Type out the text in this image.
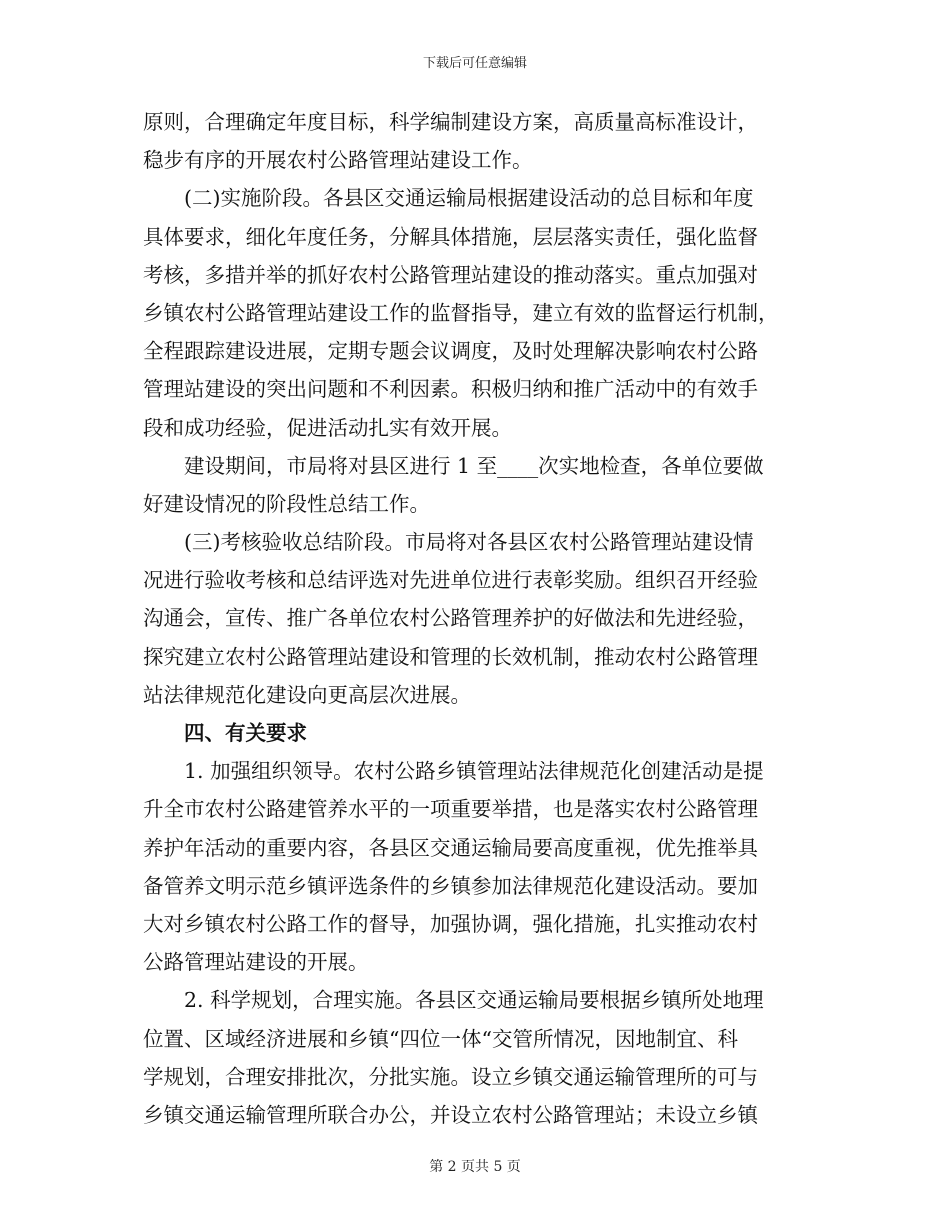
下载后可任意编辑
原则，合理确定年度目标，科学编制建设方案，高质量高标准设计，
稳步有序的开展农村公路管理站建设工作。
(二)实施阶段。各县区交通运输局根据建设活动的总目标和年度
具体要求，细化年度任务，分解具体措施，层层落实责任，强化监督
考核，多措并举的抓好农村公路管理站建设的推动落实。重点加强对
乡镇农村公路管理站建设工作的监督指导，建立有效的监督运行机制，
全程跟踪建设进展，定期专题会议调度，及时处理解决影响农村公路
管理站建设的突出问题和不利因素。积极归纳和推广活动中的有效手
段和成功经验，促进活动扎实有效开展。
建设期间，市局将对县区进行 1 至____次实地检查，各单位要做
好建设情况的阶段性总结工作。
(三)考核验收总结阶段。市局将对各县区农村公路管理站建设情
况进行验收考核和总结评选对先进单位进行表彰奖励。组织召开经验
沟通会，宣传、推广各单位农村公路管理养护的好做法和先进经验，
探究建立农村公路管理站建设和管理的长效机制，推动农村公路管理
站法律规范化建设向更高层次进展。
四、有关要求
1. 加强组织领导。农村公路乡镇管理站法律规范化创建活动是提
升全市农村公路建管养水平的一项重要举措，也是落实农村公路管理
养护年活动的重要内容，各县区交通运输局要高度重视，优先推举具
备管养文明示范乡镇评选条件的乡镇参加法律规范化建设活动。要加
大对乡镇农村公路工作的督导，加强协调，强化措施，扎实推动农村
公路管理站建设的开展。
2. 科学规划，合理实施。各县区交通运输局要根据乡镇所处地理
位置、区域经济进展和乡镇“四位一体“交管所情况，因地制宜、科
学规划，合理安排批次，分批实施。设立乡镇交通运输管理所的可与
乡镇交通运输管理所联合办公，并设立农村公路管理站；未设立乡镇
第 2 页共 5 页
